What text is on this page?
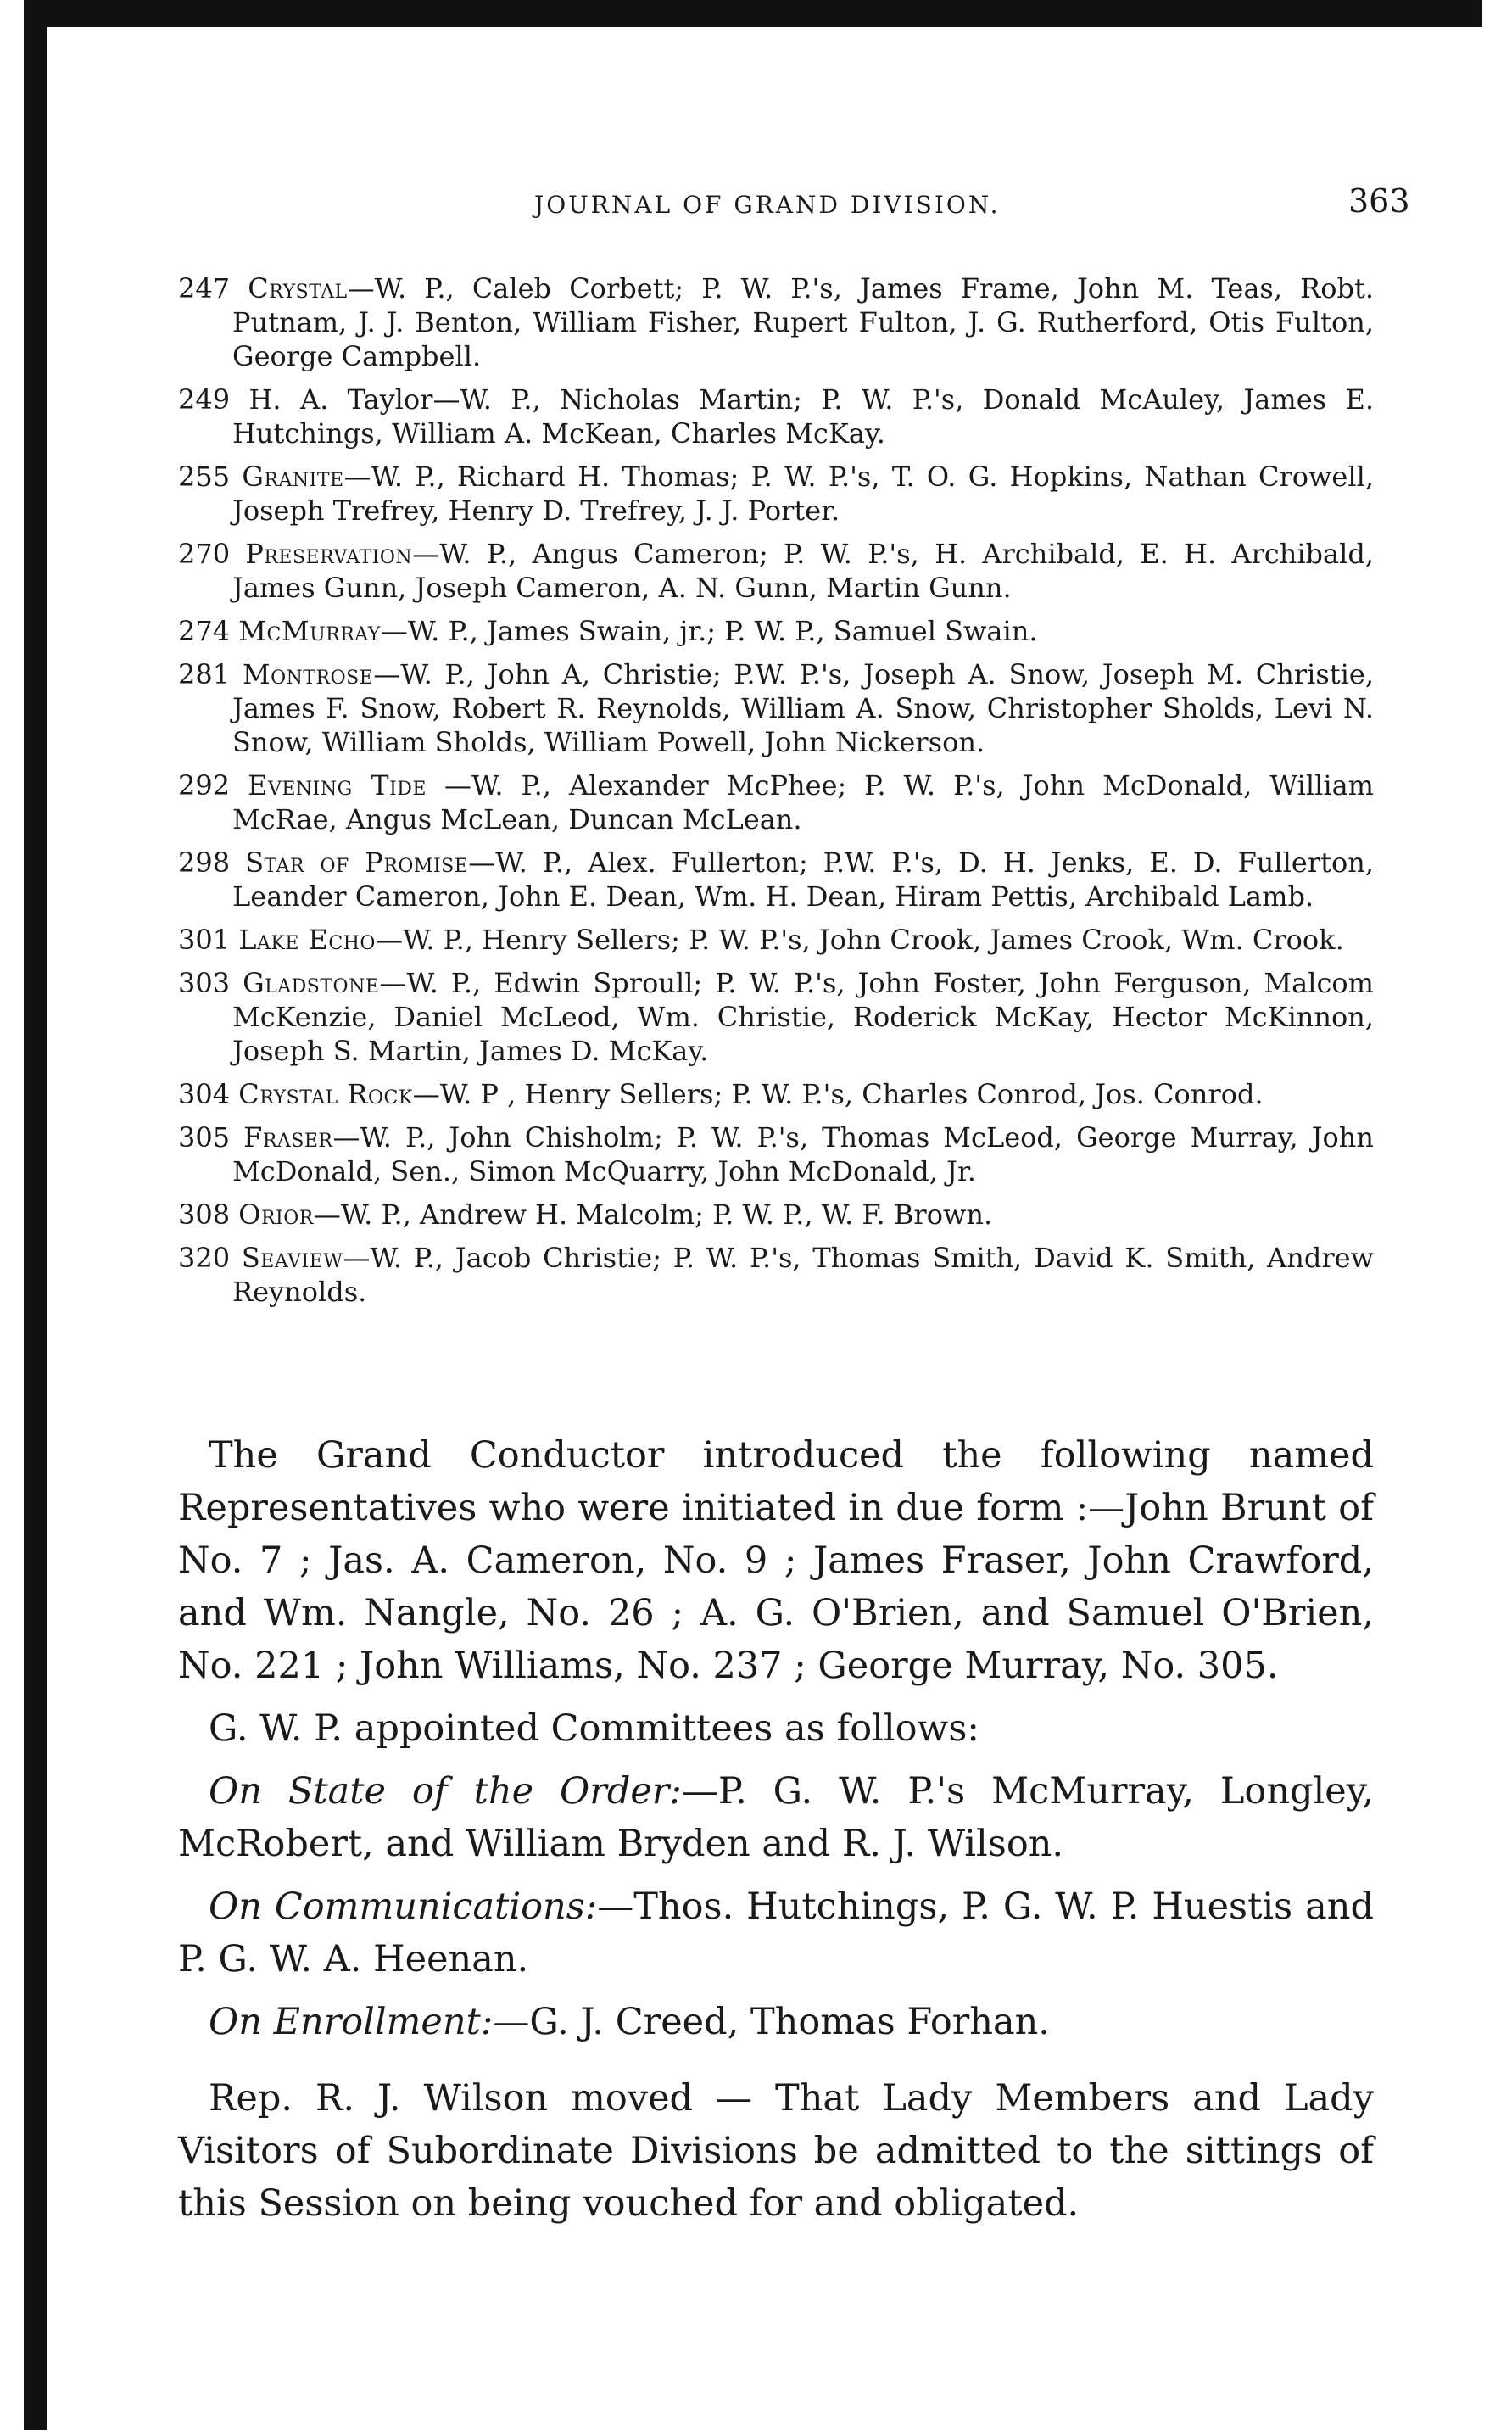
JOURNAL OF GRAND DIVISION.	363

247 Crystal—W. P., Caleb Corbett; P. W. P.'s, James Frame, John M. Teas, Robt. Putnam, J. J. Benton, William Fisher, Rupert Fulton, J. G. Rutherford, Otis Fulton, George Campbell.

249 H. A. Taylor—W. P., Nicholas Martin; P. W. P.'s, Donald McAuley, James E. Hutchings, William A. McKean, Charles McKay.

255 Granite—W. P., Richard H. Thomas; P. W. P.'s, T. O. G. Hopkins, Nathan Crowell, Joseph Trefrey, Henry D. Trefrey, J. J. Porter.

270 Preservation—W. P., Angus Cameron; P. W. P.'s, H. Archibald, E. H. Archibald, James Gunn, Joseph Cameron, A. N. Gunn, Martin Gunn.

274 McMurray—W. P., James Swain, jr.; P. W. P., Samuel Swain.

281 Montrose—W. P., John A, Christie; P.W. P.'s, Joseph A. Snow, Joseph M. Christie, James F. Snow, Robert R. Reynolds, William A. Snow, Christopher Sholds, Levi N. Snow, William Sholds, William Powell, John Nickerson.

292 Evening Tide —W. P., Alexander McPhee; P. W. P.'s, John McDonald, William McRae, Angus McLean, Duncan McLean.

298 Star of Promise—W. P., Alex. Fullerton; P.W. P.'s, D. H. Jenks, E. D. Fullerton, Leander Cameron, John E. Dean, Wm. H. Dean, Hiram Pettis, Archibald Lamb.

301 Lake Echo—W. P., Henry Sellers; P. W. P.'s, John Crook, James Crook, Wm. Crook.

303 Gladstone—W. P., Edwin Sproull; P. W. P.'s, John Foster, John Ferguson, Malcom McKenzie, Daniel McLeod, Wm. Christie, Roderick McKay, Hector McKinnon, Joseph S. Martin, James D. McKay.

304 Crystal Rock—W. P , Henry Sellers; P. W. P.'s, Charles Conrod, Jos. Conrod.

305 Fraser—W. P., John Chisholm; P. W. P.'s, Thomas McLeod, George Murray, John McDonald, Sen., Simon McQuarry, John McDonald, Jr.

308 Orior—W. P., Andrew H. Malcolm; P. W. P., W. F. Brown.

320 Seaview—W. P., Jacob Christie; P. W. P.'s, Thomas Smith, David K. Smith, Andrew Reynolds.

The Grand Conductor introduced the following named Representatives who were initiated in due form :—John Brunt of No. 7 ; Jas. A. Cameron, No. 9 ; James Fraser, John Crawford, and Wm. Nangle, No. 26 ; A. G. O'Brien, and Samuel O'Brien, No. 221 ; John Williams, No. 237 ; George Murray, No. 305.

G. W. P. appointed Committees as follows:

On State of the Order:—P. G. W. P.'s McMurray, Longley, McRobert, and William Bryden and R. J. Wilson.

On Communications:—Thos. Hutchings, P. G. W. P. Huestis and P. G. W. A. Heenan.

On Enrollment:—G. J. Creed, Thomas Forhan.

Rep. R. J. Wilson moved — That Lady Members and Lady Visitors of Subordinate Divisions be admitted to the sittings of this Session on being vouched for and obligated.
